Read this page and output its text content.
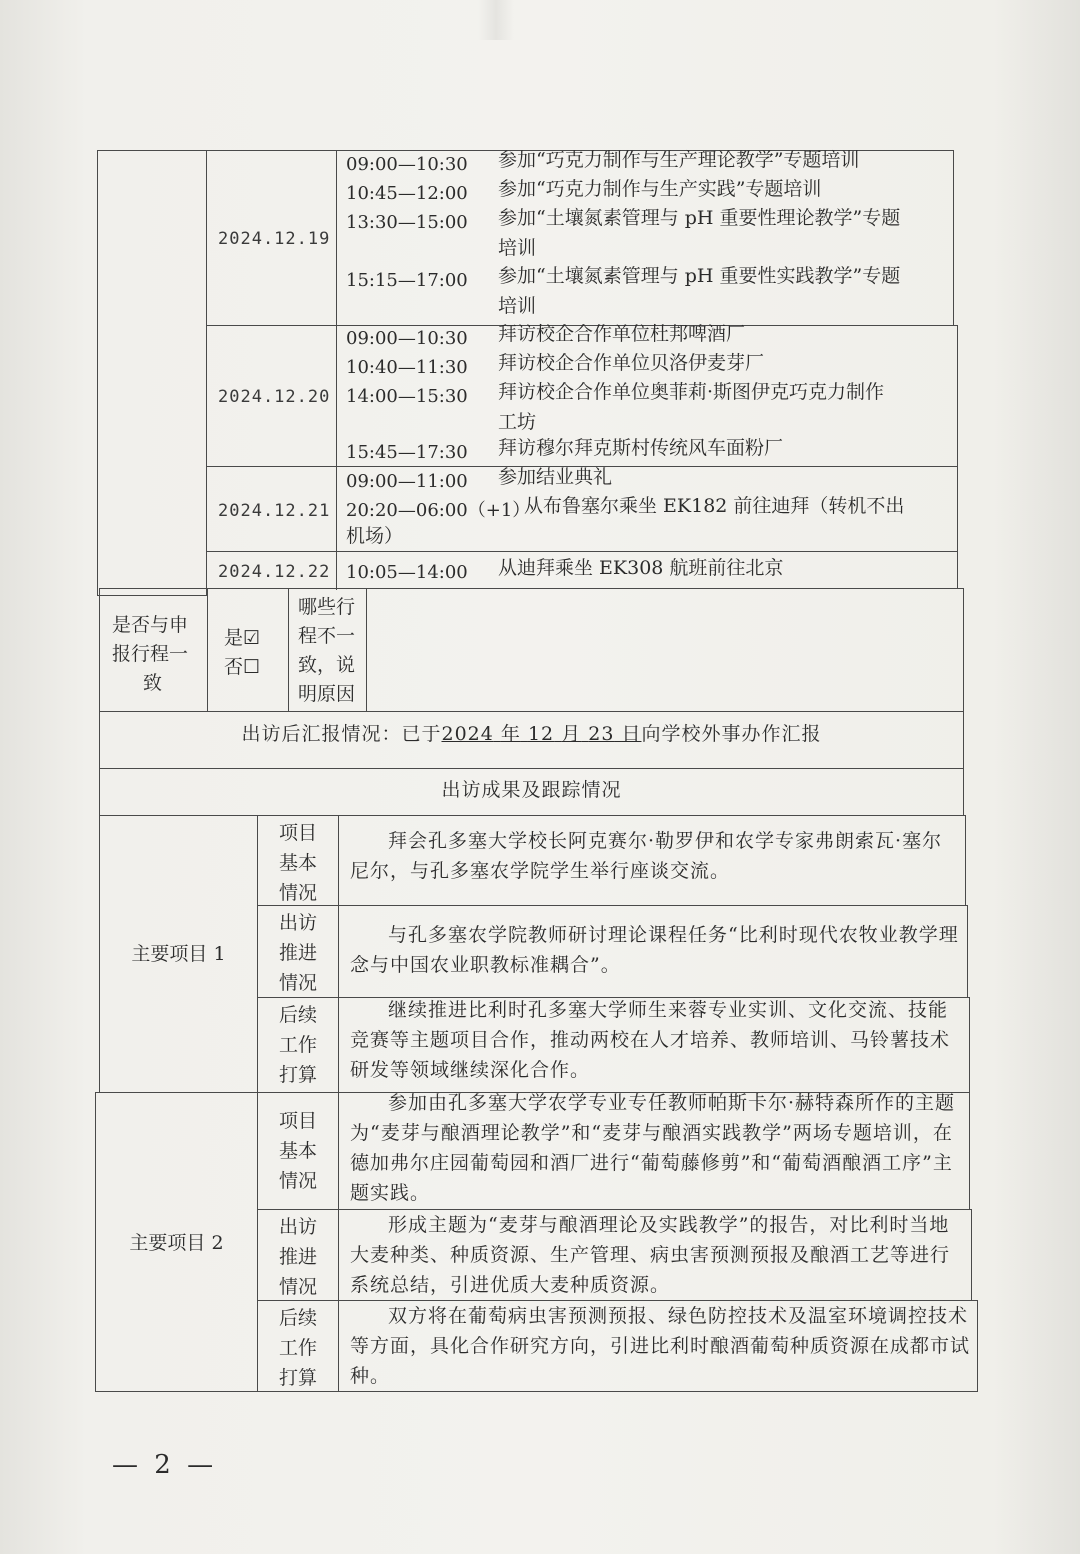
2024.12.19
09:00—10:30 参加“巧克力制作与生产理论教学”专题培训
10:45—12:00 参加“巧克力制作与生产实践”专题培训
13:30—15:00 参加“土壤氮素管理与 pH 重要性理论教学”专题
培训
15:15—17:00 参加“土壤氮素管理与 pH 重要性实践教学”专题
培训
2024.12.20
09:00—10:30 拜访校企合作单位杜邦啤酒厂
10:40—11:30 拜访校企合作单位贝洛伊麦芽厂
14:00—15:30 拜访校企合作单位奥菲莉·斯图伊克巧克力制作
工坊
15:45—17:30 拜访穆尔拜克斯村传统风车面粉厂
2024.12.21
09:00—11:00 参加结业典礼
20:20—06:00（+1）
从布鲁塞尔乘坐 EK182 前往迪拜（转机不出
机场）
2024.12.22 10:05—14:00 从迪拜乘坐 EK308 航班前往北京
是否与申
报行程一
致
是☑
否☐
哪些行
程不一
致，说
明原因
出访后汇报情况：已于2024 年 12 月 23 日向学校外事办作汇报
出访成果及跟踪情况
主要项目 1
项目
基本
情况
拜会孔多塞大学校长阿克赛尔·勒罗伊和农学专家弗朗索瓦·塞尔尼尔，与孔多塞农学院学生举行座谈交流。
出访
推进
情况
与孔多塞农学院教师研讨理论课程任务“比利时现代农牧业教学理念与中国农业职教标准耦合”。
后续
工作
打算
继续推进比利时孔多塞大学师生来蓉专业实训、文化交流、技能竞赛等主题项目合作，推动两校在人才培养、教师培训、马铃薯技术研发等领域继续深化合作。
主要项目 2
项目
基本
情况
参加由孔多塞大学农学专业专任教师帕斯卡尔·赫特森所作的主题为“麦芽与酿酒理论教学”和“麦芽与酿酒实践教学”两场专题培训，在德加弗尔庄园葡萄园和酒厂进行“葡萄藤修剪”和“葡萄酒酿酒工序”主题实践。
出访
推进
情况
形成主题为“麦芽与酿酒理论及实践教学”的报告，对比利时当地大麦种类、种质资源、生产管理、病虫害预测预报及酿酒工艺等进行系统总结，引进优质大麦种质资源。
后续
工作
打算
双方将在葡萄病虫害预测预报、绿色防控技术及温室环境调控技术等方面，具化合作研究方向，引进比利时酿酒葡萄种质资源在成都市试种。
— 2 —
